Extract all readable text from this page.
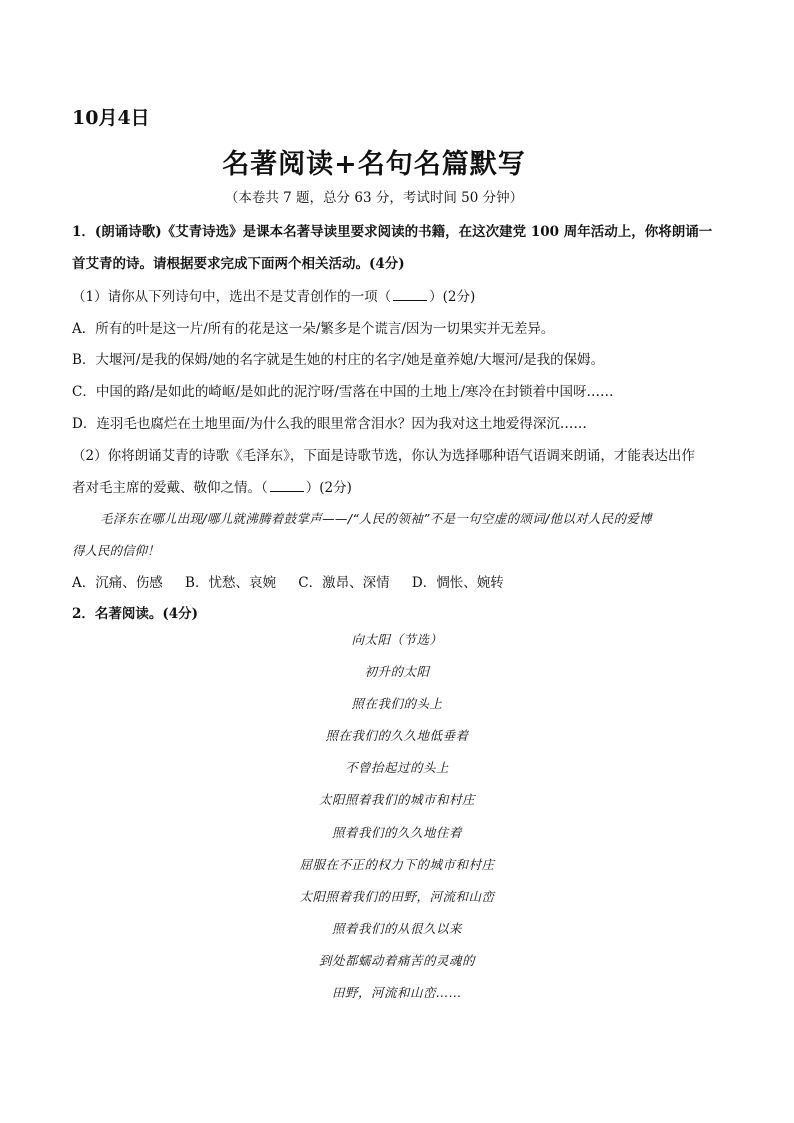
10月4日
名著阅读+名句名篇默写
（本卷共 7 题，总分 63 分，考试时间 50 分钟）
1．(朗诵诗歌)《艾青诗选》是课本名著导读里要求阅读的书籍，在这次建党 100 周年活动上，你将朗诵一
首艾青的诗。请根据要求完成下面两个相关活动。(4分)
（1）请你从下列诗句中，选出不是艾青创作的一项（	）(2分)
A．所有的叶是这一片/所有的花是这一朵/繁多是个谎言/因为一切果实并无差异。
B．大堰河/是我的保姆/她的名字就是生她的村庄的名字/她是童养媳/大堰河/是我的保姆。
C．中国的路/是如此的崎岖/是如此的泥泞呀/雪落在中国的土地上/寒冷在封锁着中国呀……
D．连羽毛也腐烂在土地里面/为什么我的眼里常含泪水？因为我对这土地爱得深沉……
（2）你将朗诵艾青的诗歌《毛泽东》，下面是诗歌节选，你认为选择哪种语气语调来朗诵，才能表达出作
者对毛主席的爱戴、敬仰之情。（	）(2分)
毛泽东在哪儿出现/哪儿就沸腾着鼓掌声——/“人民的领袖”不是一句空虚的颂词/他以对人民的爱博
得人民的信仰！
A．沉痛、伤感 B．忧愁、哀婉 C．激昂、深情 D．惆怅、婉转
2．名著阅读。(4分)
向太阳（节选）
初升的太阳
照在我们的头上
照在我们的久久地低垂着
不曾抬起过的头上
太阳照着我们的城市和村庄
照着我们的久久地住着
屈服在不正的权力下的城市和村庄
太阳照着我们的田野，河流和山峦
照着我们的从很久以来
到处都蠕动着痛苦的灵魂的
田野，河流和山峦……
